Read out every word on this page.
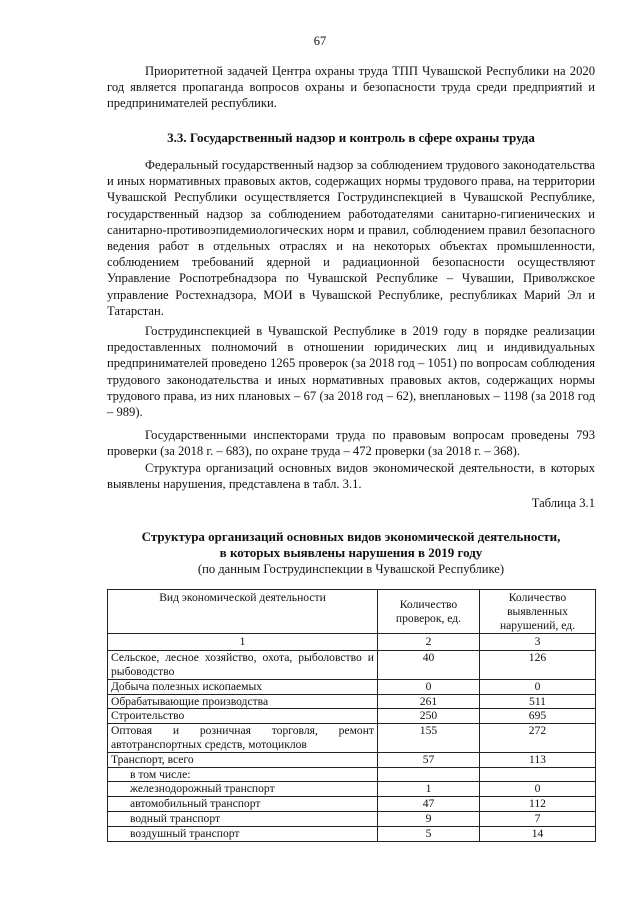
67

Приоритетной задачей Центра охраны труда ТПП Чувашской Республики на 2020 год является пропаганда вопросов охраны и безопасности труда среди предприятий и предпринимателей республики.

3.3. Государственный надзор и контроль в сфере охраны труда

Федеральный государственный надзор за соблюдением трудового законодательства и иных нормативных правовых актов, содержащих нормы трудового права, на территории Чувашской Республики осуществляется Гострудинспекцией в Чувашской Республике, государственный надзор за соблюдением работодателями санитарно-гигиенических и санитарно-противоэпидемиологических норм и правил, соблюдением правил безопасного ведения работ в отдельных отраслях и на некоторых объектах промышленности, соблюдением требований ядерной и радиационной безопасности осуществляют Управление Роспотребнадзора по Чувашской Республике – Чувашии, Приволжское управление Ростехнадзора, МОИ в Чувашской Республике, республиках Марий Эл и Татарстан.

Гострудинспекцией в Чувашской Республике в 2019 году в порядке реализации предоставленных полномочий в отношении юридических лиц и индивидуальных предпринимателей проведено 1265 проверок (за 2018 год – 1051) по вопросам соблюдения трудового законодательства и иных нормативных правовых актов, содержащих нормы трудового права, из них плановых – 67 (за 2018 год – 62), внеплановых – 1198 (за 2018 год – 989).

Государственными инспекторами труда по правовым вопросам проведены 793 проверки (за 2018 г. – 683), по охране труда – 472 проверки (за 2018 г. – 368).

Структура организаций основных видов экономической деятельности, в которых выявлены нарушения, представлена в табл. 3.1.

Таблица 3.1
Структура организаций основных видов экономической деятельности,
в которых выявлены нарушения в 2019 году
(по данным Гострудинспекции в Чувашской Республике)
Вид экономической деятельности	Количество проверок, ед.	Количество выявленных нарушений, ед.
1	2	3
Сельское, лесное хозяйство, охота, рыболовство и рыбоводство	40	126
Добыча полезных ископаемых	0	0
Обрабатывающие производства	261	511
Строительство	250	695
Оптовая и розничная торговля, ремонт автотранспортных средств, мотоциклов	155	272
Транспорт, всего	57	113
в том числе:		
железнодорожный транспорт	1	0
автомобильный транспорт	47	112
водный транспорт	9	7
воздушный транспорт	5	14
